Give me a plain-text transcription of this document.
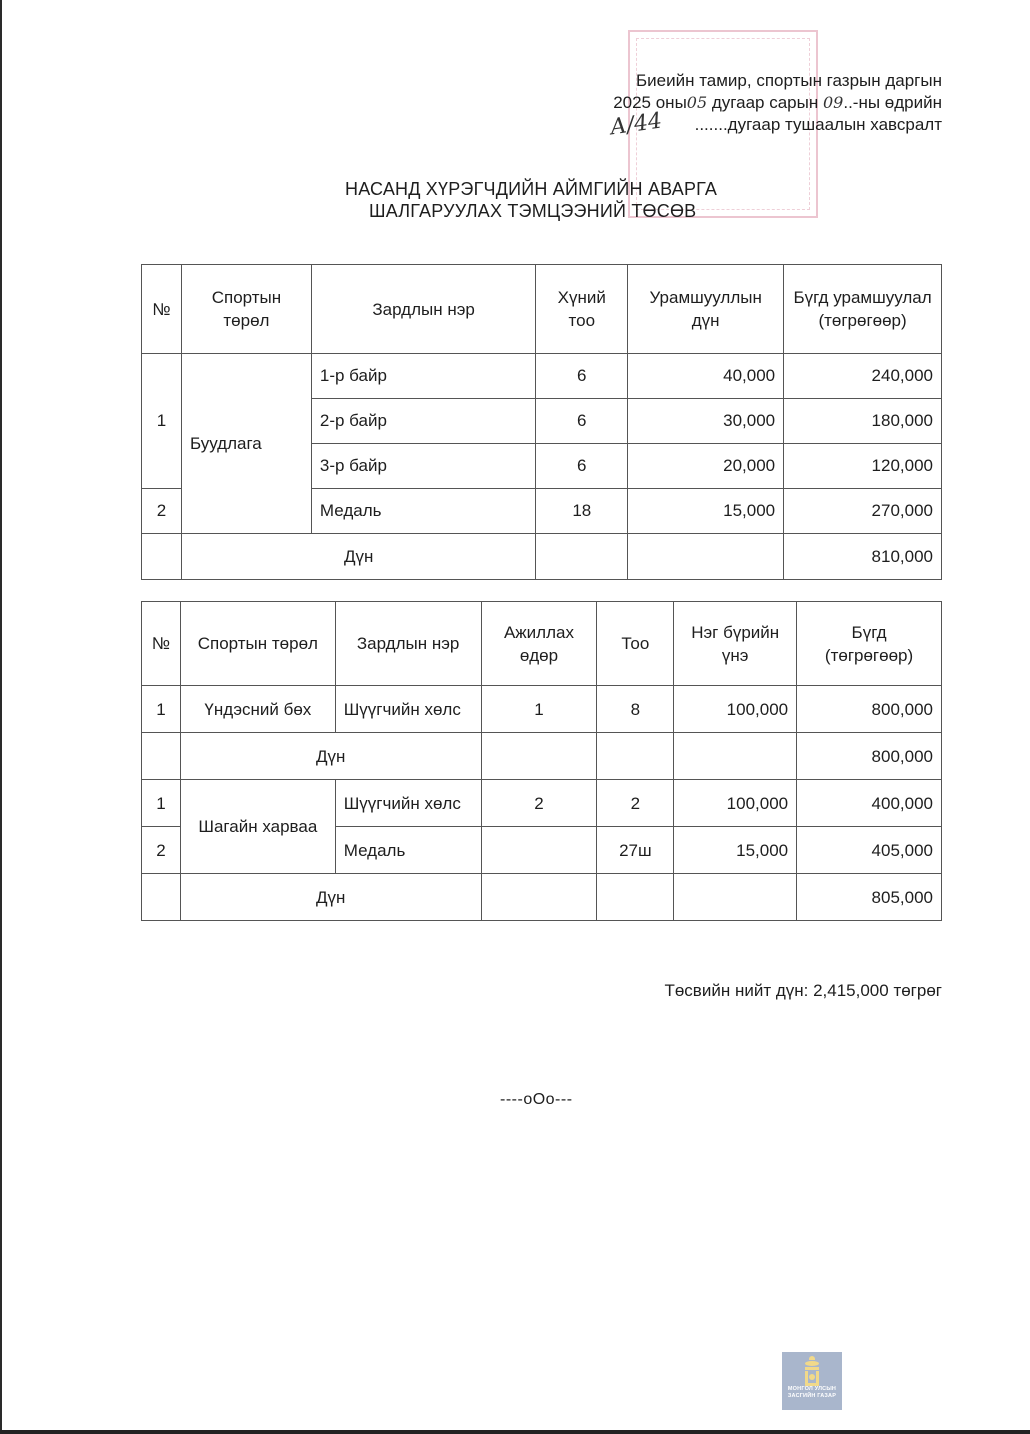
Биеийн тамир, спортын газрын даргын
2025 оны05 дугаар сарын 09..-ны өдрийн
.......дугаар тушаалын хавсралт
А/44
НАСАНД ХҮРЭГЧДИЙН АЙМГИЙН АВАРГА
ШАЛГАРУУЛАХ ТЭМЦЭЭНИЙ ТӨСӨВ
№	Спортын төрөл	Зардлын нэр	Хүний тоо	Урамшууллын дүн	Бүгд урамшуулал (төгрөгөөр)
1	Буудлага	1-р байр	6	40,000	240,000
		2-р байр	6	30,000	180,000
		3-р байр	6	20,000	120,000
2		Медаль	18	15,000	270,000
	Дүн				810,000
№	Спортын төрөл	Зардлын нэр	Ажиллах өдөр	Тоо	Нэг бүрийн үнэ	Бүгд (төгрөгөөр)
1	Үндэсний бөх	Шүүгчийн хөлс	1	8	100,000	800,000
	Дүн					800,000
1	Шагайн харваа	Шүүгчийн хөлс	2	2	100,000	400,000
2		Медаль		27ш	15,000	405,000
	Дүн					805,000
Төсвийн нийт дүн: 2,415,000 төгрөг
----oOo---
МОНГОЛ УЛСЫН
ЗАСГИЙН ГАЗАР
